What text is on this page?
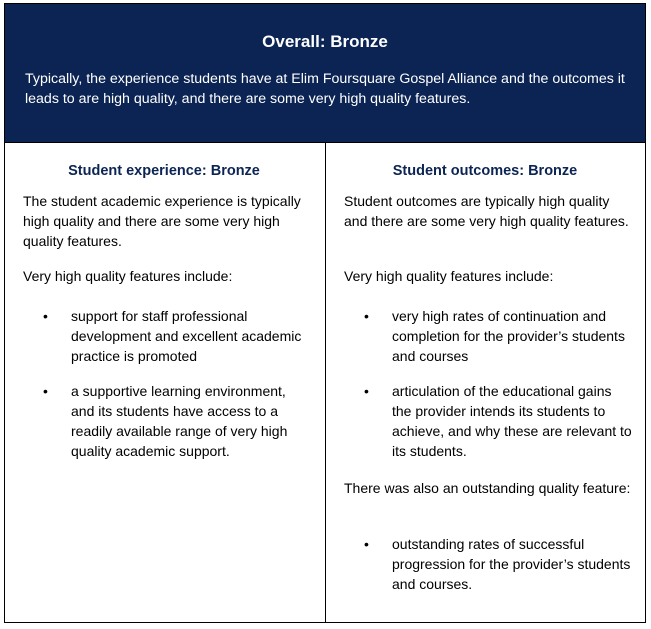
Overall: Bronze
Typically, the experience students have at Elim Foursquare Gospel Alliance and the outcomes it leads to are high quality, and there are some very high quality features.
Student experience: Bronze
The student academic experience is typically high quality and there are some very high quality features.
Very high quality features include:
• support for staff professional development and excellent academic practice is promoted
• a supportive learning environment, and its students have access to a readily available range of very high quality academic support.
Student outcomes: Bronze
Student outcomes are typically high quality and there are some very high quality features.
Very high quality features include:
• very high rates of continuation and completion for the provider’s students and courses
• articulation of the educational gains the provider intends its students to achieve, and why these are relevant to its students.
There was also an outstanding quality feature:
• outstanding rates of successful progression for the provider’s students and courses.
